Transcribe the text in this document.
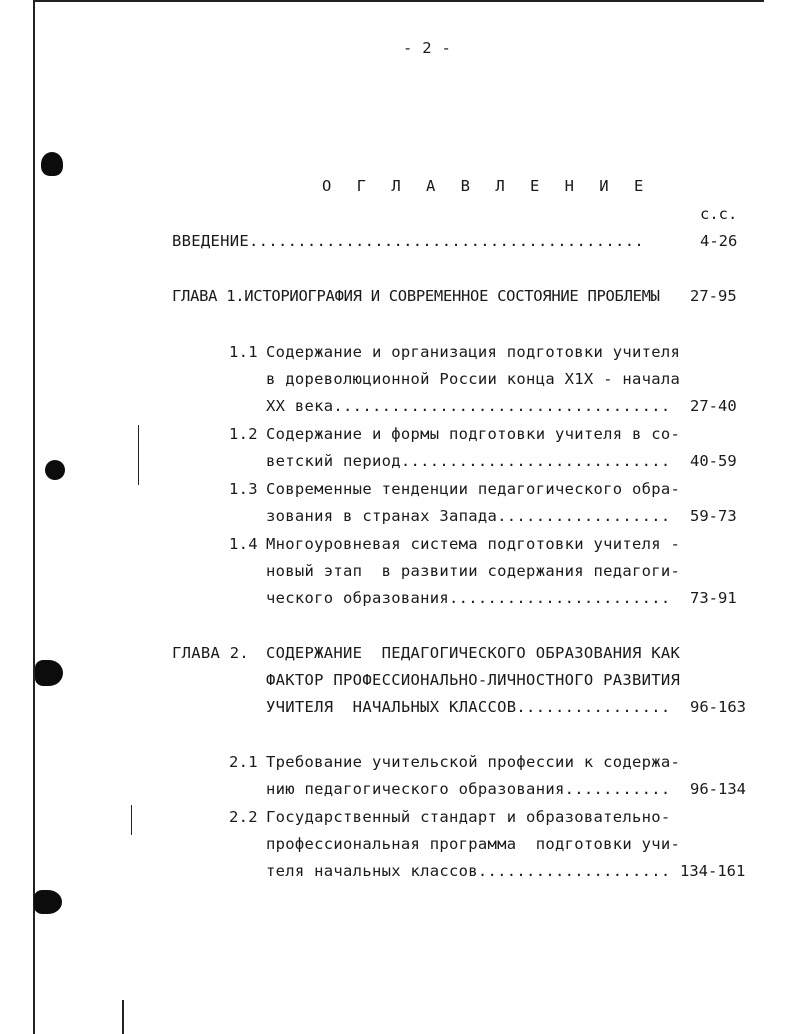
- 2 -
О Г Л А В Л Е Н И Е
с.с.
ВВЕДЕНИЕ.........................................	4-26
ГЛАВА 1.ИСТОРИОГРАФИЯ И СОВРЕМЕННОЕ СОСТОЯНИЕ ПРОБЛЕМЫ 27-95
1.1 Содержание и организация подготовки учителя
в дореволюционной России конца Х1Х - начала
ХХ века................................... 27-40
1.2 Содержание и формы подготовки учителя в со-
ветский период............................ 40-59
1.3 Современные тенденции педагогического обра-
зования в странах Запада.................. 59-73
1.4 Многоуровневая система подготовки учителя -
новый этап  в развитии содержания педагоги-
ческого образования....................... 73-91
ГЛАВА 2. СОДЕРЖАНИЕ  ПЕДАГОГИЧЕСКОГО ОБРАЗОВАНИЯ КАК
ФАКТОР ПРОФЕССИОНАЛЬНО-ЛИЧНОСТНОГО РАЗВИТИЯ
УЧИТЕЛЯ  НАЧАЛЬНЫХ КЛАССОВ................ 96-163
2.1 Требование учительской профессии к содержа-
нию педагогического образования........... 96-134
2.2 Государственный стандарт и образовательно-
профессиональная программа  подготовки учи-
теля начальных классов.................... 134-161
